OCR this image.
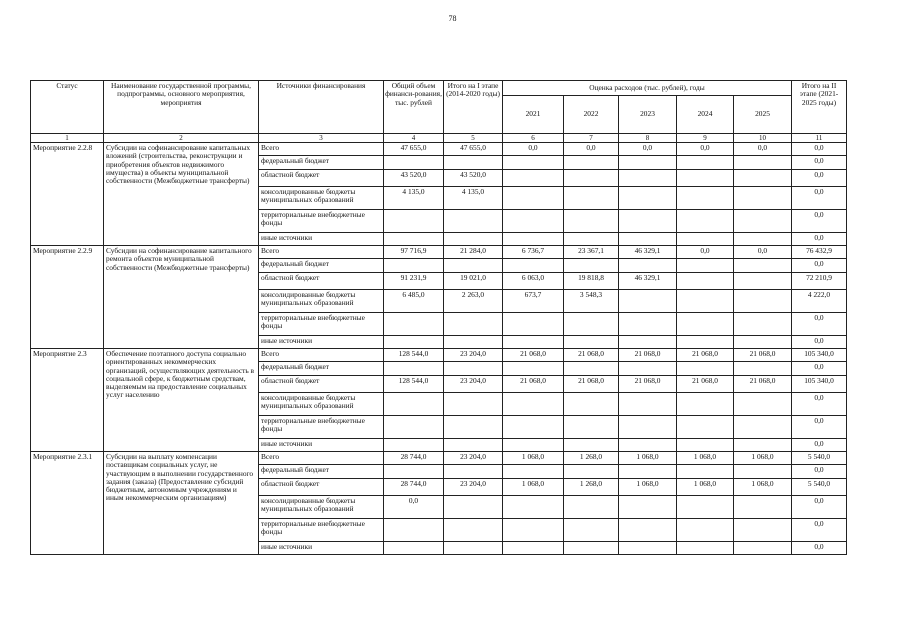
78
Статус	Наименование государственной программы, подпрограммы, основного мероприятия, мероприятия	Источники финансирования	Общий объем финанси-рования, тыс. рублей	Итого на I этапе (2014-2020 годы)	Оценка расходов (тыс. рублей), годы					Итого на II этапе (2021-2025 годы)
					2021	2022	2023	2024	2025	
1	2	3	4	5	6	7	8	9	10	11
Мероприятие 2.2.8	Субсидии на софинансирование капитальных вложений (строительства, реконструкции и приобретения объектов недвижимого имущества) в объекты муниципальной собственности (Межбюджетные трансферты)	Всего	47 655,0	47 655,0	0,0	0,0	0,0	0,0	0,0	0,0
		федеральный бюджет								0,0
		областной бюджет	43 520,0	43 520,0						0,0
		консолидированные бюджеты муниципальных образований	4 135,0	4 135,0						0,0
		территориальные внебюджетные фонды								0,0
		иные источники								0,0
Мероприятие 2.2.9	Субсидии на софинансирование капитального ремонта объектов муниципальной собственности (Межбюджетные трансферты)	Всего	97 716,9	21 284,0	6 736,7	23 367,1	46 329,1	0,0	0,0	76 432,9
		федеральный бюджет								0,0
		областной бюджет	91 231,9	19 021,0	6 063,0	19 818,8	46 329,1			72 210,9
		консолидированные бюджеты муниципальных образований	6 485,0	2 263,0	673,7	3 548,3				4 222,0
		территориальные внебюджетные фонды								0,0
		иные источники								0,0
Мероприятие 2.3	Обеспечение поэтапного доступа социально ориентированных некоммерческих организаций, осуществляющих деятельность в социальной сфере, к бюджетным средствам, выделяемым на предоставление социальных услуг населению	Всего	128 544,0	23 204,0	21 068,0	21 068,0	21 068,0	21 068,0	21 068,0	105 340,0
		федеральный бюджет								0,0
		областной бюджет	128 544,0	23 204,0	21 068,0	21 068,0	21 068,0	21 068,0	21 068,0	105 340,0
		консолидированные бюджеты муниципальных образований								0,0
		территориальные внебюджетные фонды								0,0
		иные источники								0,0
Мероприятие 2.3.1	Субсидии на выплату компенсации поставщикам социальных услуг, не участвующим в выполнении государственного задания (заказа) (Предоставление субсидий бюджетным, автономным учреждениям и иным некоммерческим организациям)	Всего	28 744,0	23 204,0	1 068,0	1 268,0	1 068,0	1 068,0	1 068,0	5 540,0
		федеральный бюджет								0,0
		областной бюджет	28 744,0	23 204,0	1 068,0	1 268,0	1 068,0	1 068,0	1 068,0	5 540,0
		консолидированные бюджеты муниципальных образований	0,0							0,0
		территориальные внебюджетные фонды								0,0
		иные источники								0,0
